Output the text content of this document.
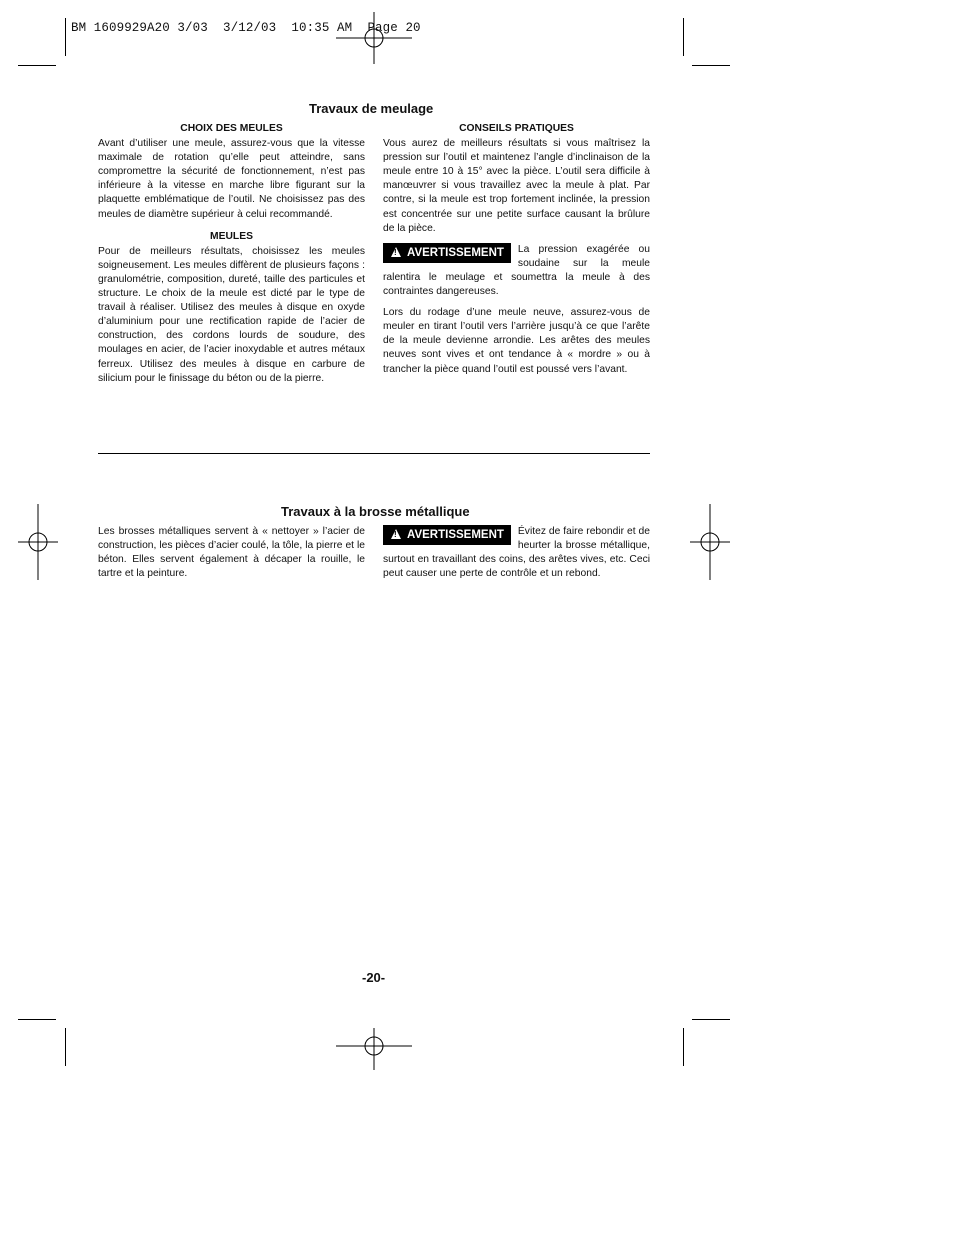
BM 1609929A20 3/03  3/12/03  10:35 AM  Page 20
Travaux de meulage
CHOIX DES MEULES

Avant d’utiliser une meule, assurez-vous que la vitesse maximale de rotation qu’elle peut atteindre, sans compromettre la sécurité de fonctionnement, n’est pas inférieure à la vitesse en marche libre figurant sur la plaquette emblématique de l’outil. Ne choisissez pas des meules de diamètre supérieur à celui recommandé.

MEULES

Pour de meilleurs résultats, choisissez les meules soigneusement. Les meules diffèrent de plusieurs façons : granulométrie, composition, dureté, taille des particules et structure. Le choix de la meule est dicté par le type de travail à réaliser. Utilisez des meules à disque en oxyde d’aluminium pour une rectification rapide de l’acier de construction, des cordons lourds de soudure, des moulages en acier, de l’acier inoxydable et autres métaux ferreux. Utilisez des meules à disque en carbure de silicium pour le finissage du béton ou de la pierre.

CONSEILS PRATIQUES

Vous aurez de meilleurs résultats si vous maîtrisez la pression sur l’outil et maintenez l’angle d’inclinaison de la meule entre 10 à 15° avec la pièce. L’outil sera difficile à manœuvrer si vous travaillez avec la meule à plat. Par contre, si la meule est trop fortement inclinée, la pression est concentrée sur une petite surface causant la brûlure de la pièce.

!AVERTISSEMENT	La pression exagérée ou soudaine sur la meule ralentira le meulage et soumettra la meule à des contraintes dangereuses.

Lors du rodage d’une meule neuve, assurez-vous de meuler en tirant l’outil vers l’arrière jusqu’à ce que l’arête de la meule devienne arrondie. Les arêtes des meules neuves sont vives et ont tendance à « mordre » ou à trancher la pièce quand l’outil est poussé vers l’avant.

Travaux à la brosse métallique

Les brosses métalliques servent à « nettoyer » l’acier de construction, les pièces d’acier coulé, la tôle, la pierre et le béton. Elles servent également à décaper la rouille, le tartre et la peinture.

!AVERTISSEMENT	Évitez de faire rebondir et de heurter la brosse métallique, surtout en travaillant des coins, des arêtes vives, etc. Ceci peut causer une perte de contrôle et un rebond.

-20-
